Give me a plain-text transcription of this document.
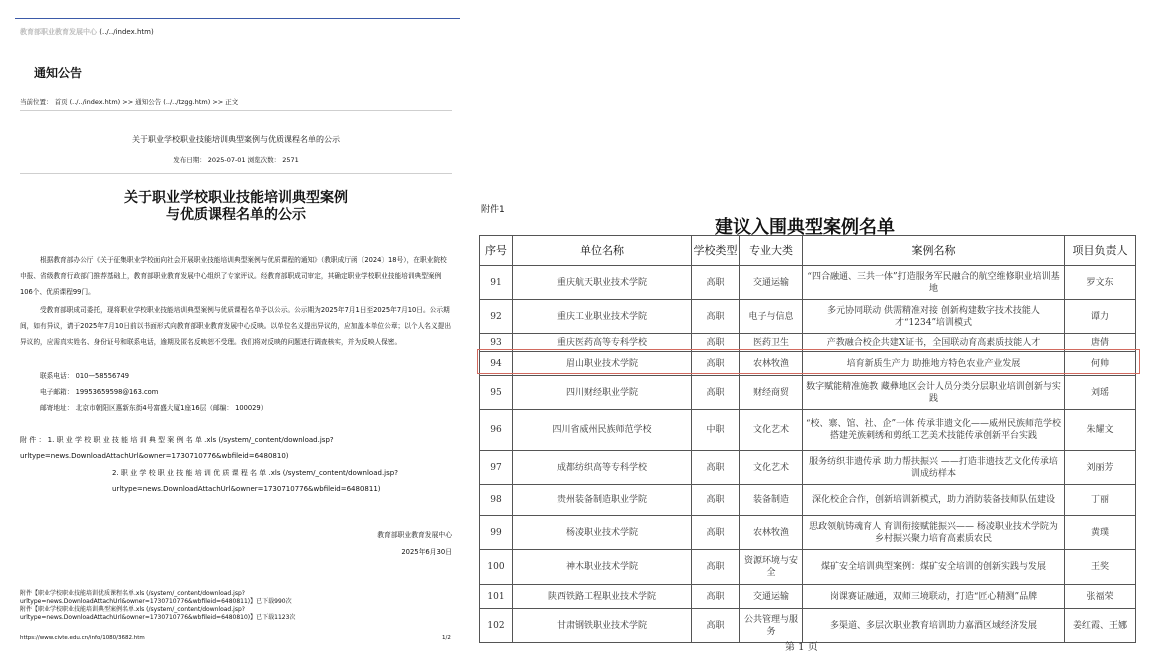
教育部职业教育发展中心 (../../index.htm)
通知公告
当前位置： 首页 (../../index.htm) >> 通知公告 (../../tzgg.htm) >> 正文
关于职业学校职业技能培训典型案例与优质课程名单的公示
发布日期： 2025-07-01 浏览次数： 2571
关于职业学校职业技能培训典型案例
与优质课程名单的公示
根据教育部办公厅《关于征集职业学校面向社会开展职业技能培训典型案例与优质课程的通知》（教职成厅函〔2024〕18号），在职业院校申报、省级教育行政部门推荐基础上，教育部职业教育发展中心组织了专家评议。经教育部职成司审定，其确定职业学校职业技能培训典型案例106个、优质课程99门。
受教育部职成司委托，现将职业学校职业技能培训典型案例与优质课程名单予以公示。公示期为2025年7月1日至2025年7月10日。公示期间，如有异议，请于2025年7月10日前以书面形式向教育部职业教育发展中心反映。以单位名义提出异议的，应加盖本单位公章；以个人名义提出异议的，应需真实姓名、身份证号和联系电话，逾期及匿名反映恕不受理。我们将对反映的问题进行调查核实，并为反映人保密。
联系电话： 010—58556749
电子邮箱： 19953659598@163.com
邮寄地址： 北京市朝阳区惠新东街4号富盛大厦1座16层（邮编： 100029）
附 件 ： 1. 职 业 学 校 职 业 技 能 培 训 典 型 案 例 名 单 .xls (/system/_content/download.jsp?urltype=news.DownloadAttachUrl&owner=1730710776&wbfileid=6480810)
2. 职 业 学 校 职 业 技 能 培 训 优 质 课 程 名 单 .xls (/system/_content/download.jsp?urltype=news.DownloadAttachUrl&owner=1730710776&wbfileid=6480811)
教育部职业教育发展中心
2025年6月30日
附件【职业学校职业技能培训优质课程名单.xls (/system/_content/download.jsp?
urltype=news.DownloadAttachUrl&owner=1730710776&wbfileid=6480811)】已下载990次
附件【职业学校职业技能培训典型案例名单.xls (/system/_content/download.jsp?
urltype=news.DownloadAttachUrl&owner=1730710776&wbfileid=6480810)】已下载1123次
https://www.civte.edu.cn/info/1080/3682.htm	1/2
附件1
建议入围典型案例名单
序号	单位名称	学校类型	专业大类	案例名称	项目负责人
91	重庆航天职业技术学院	高职	交通运输	“四合融通、三共一体”打造服务军民融合的航空维修职业培训基地	罗文东
92	重庆工业职业技术学院	高职	电子与信息	多元协同联动 供需精准对接 创新构建数字技术技能人才“1234”培训模式	谭力
93	重庆医药高等专科学校	高职	医药卫生	产教融合校企共建X证书，全国联动育高素质技能人才	唐倩
94	眉山职业技术学院	高职	农林牧渔	培育新质生产力 助推地方特色农业产业发展	何帅
95	四川财经职业学院	高职	财经商贸	数字赋能精准施教 藏彝地区会计人员分类分层职业培训创新与实践	刘瑶
96	四川省威州民族师范学校	中职	文化艺术	“校、寨、馆、社、企”一体 传承非遗文化——威州民族师范学校搭建羌族刺绣和剪纸工艺美术技能传承创新平台实践	朱耀文
97	成都纺织高等专科学校	高职	文化艺术	服务纺织非遗传承 助力帮扶振兴 ——打造非遗技艺文化传承培训成纺样本	刘丽芳
98	贵州装备制造职业学院	高职	装备制造	深化校企合作，创新培训新模式，助力消防装备技师队伍建设	丁丽
99	杨凌职业技术学院	高职	农林牧渔	思政领航铸魂育人 育训衔接赋能振兴—— 杨凌职业技术学院为乡村振兴聚力培育高素质农民	黄璞
100	神木职业技术学院	高职	资源环境与安全	煤矿安全培训典型案例：煤矿安全培训的创新实践与发展	王奖
101	陕西铁路工程职业技术学院	高职	交通运输	岗课赛证融通，双师三境联动，打造“匠心精测”品牌	张福荣
102	甘肃钢铁职业技术学院	高职	公共管理与服务	多渠道、多层次职业教育培训助力嘉酒区域经济发展	姜红霞、王娜
第 1 页
